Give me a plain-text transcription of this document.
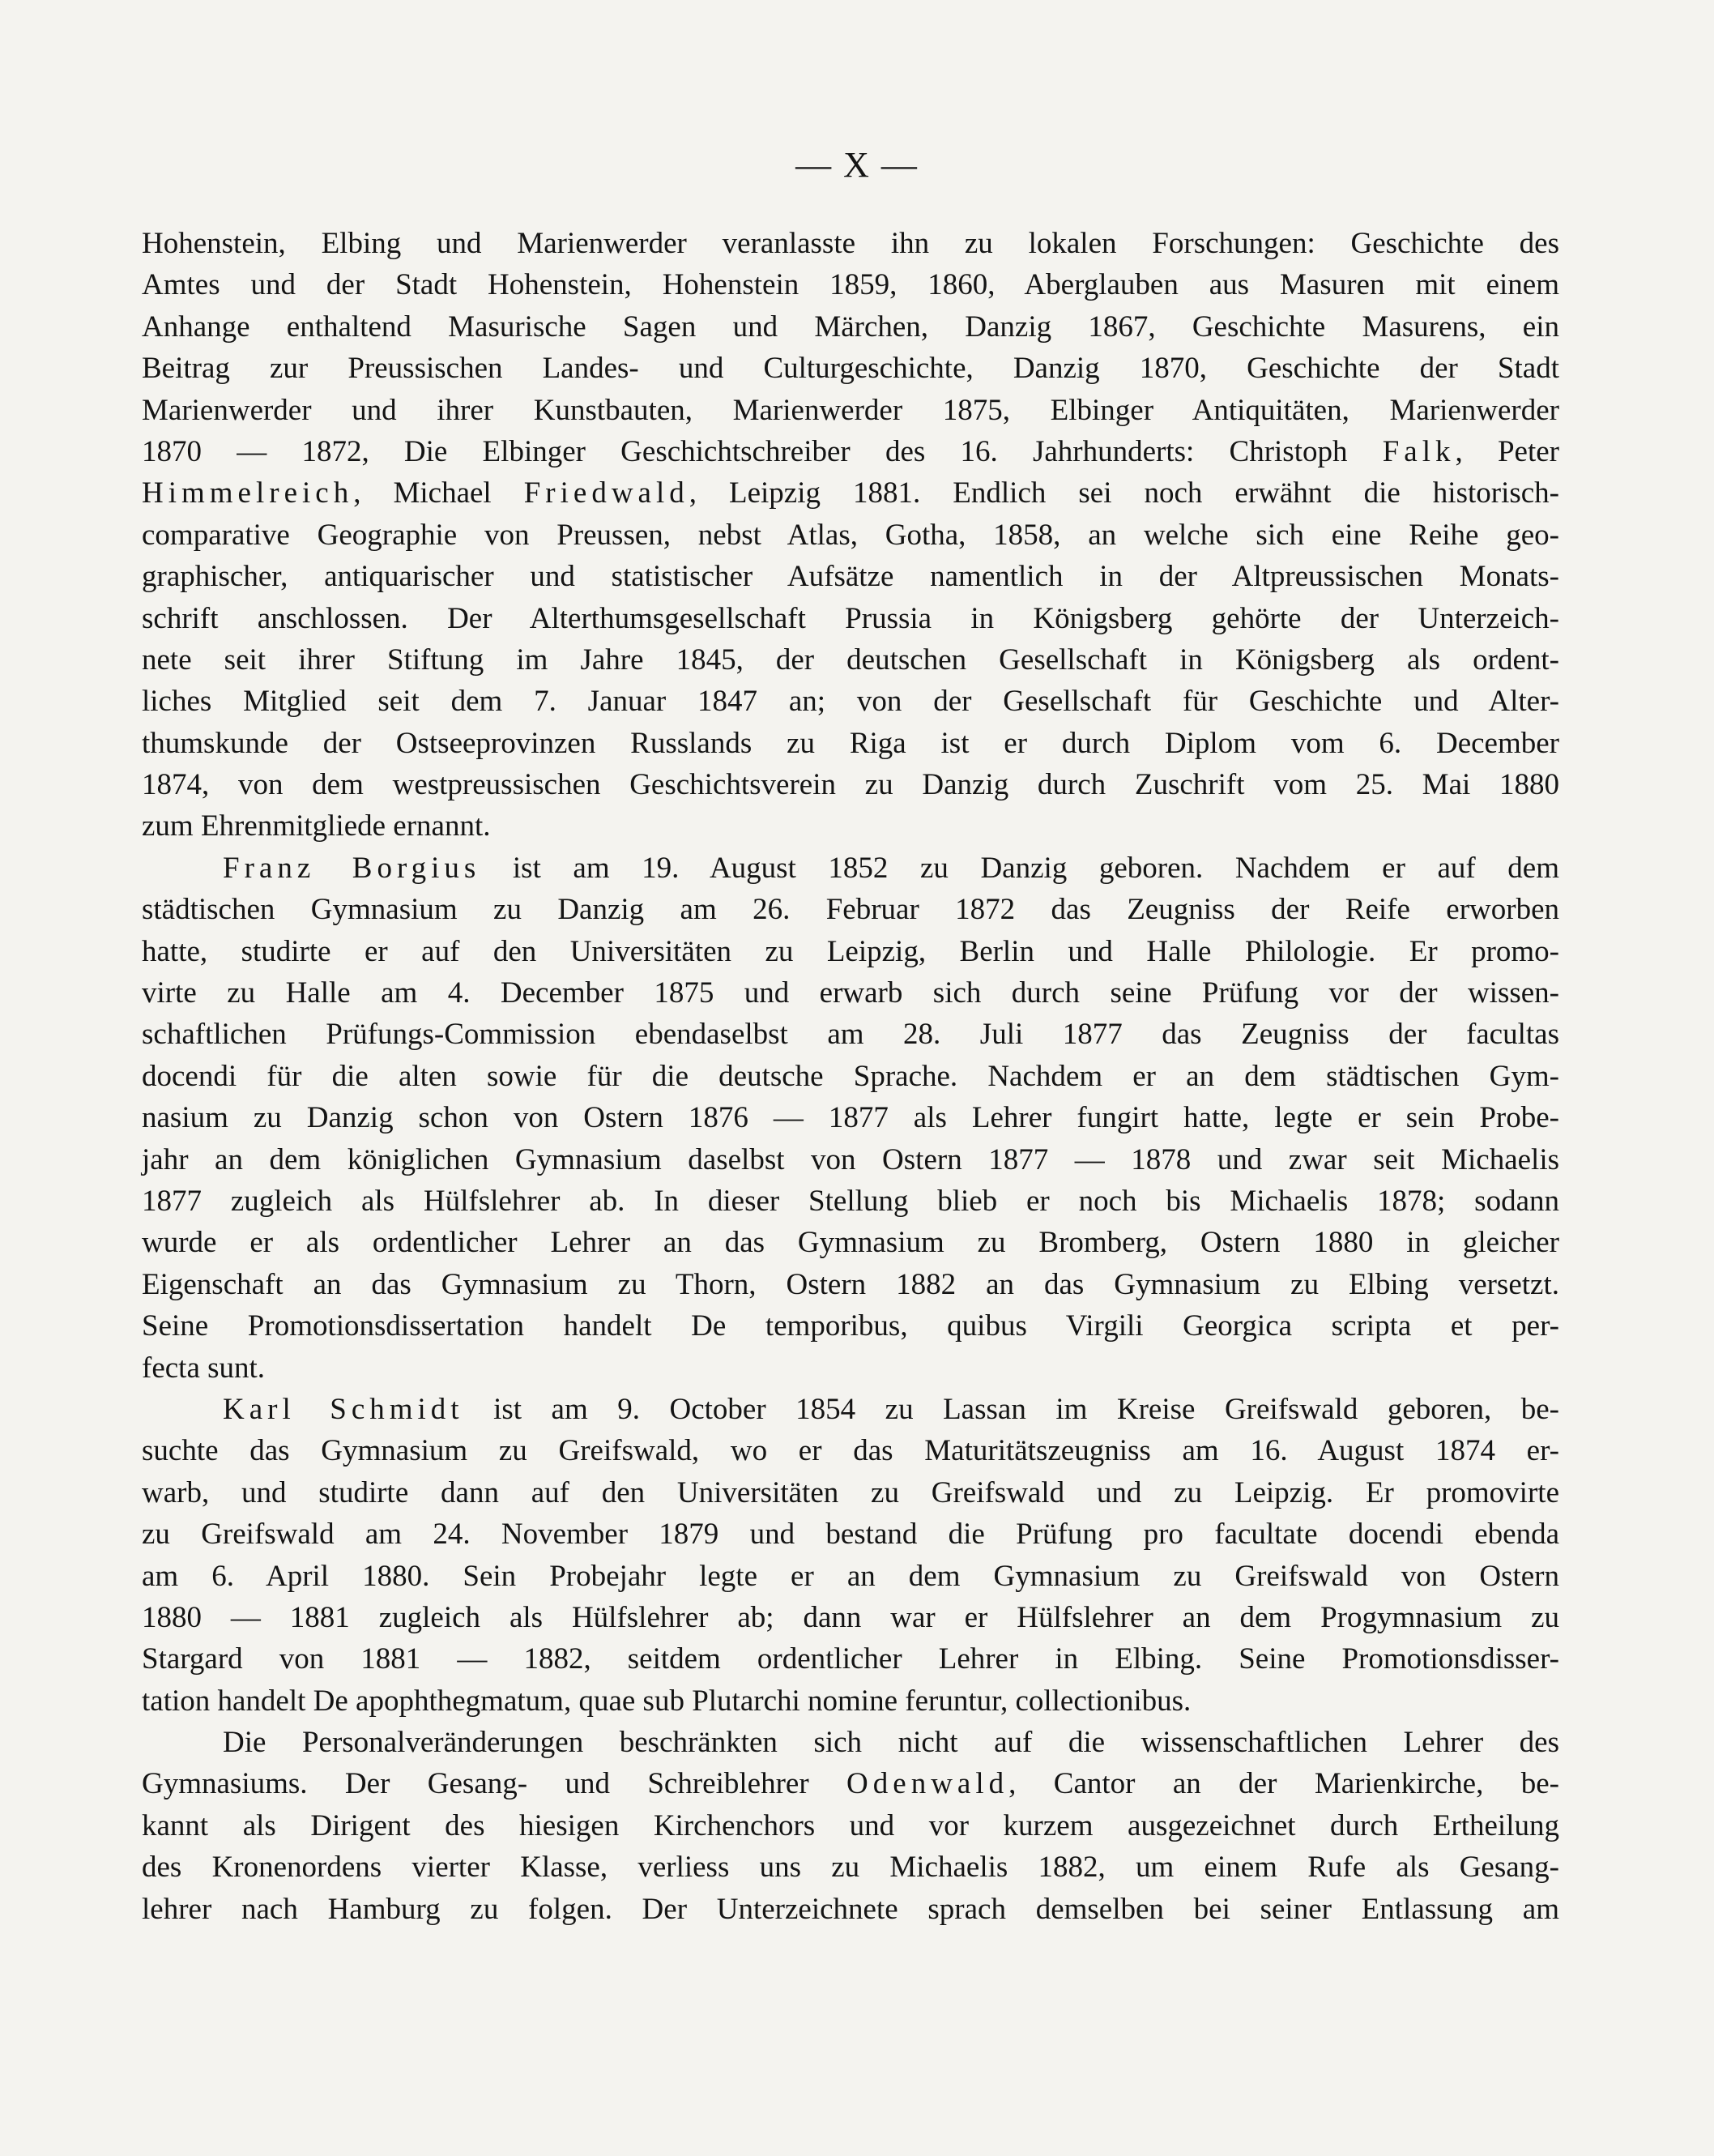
— X —
Hohenstein, Elbing und Marienwerder veranlasste ihn zu lokalen Forschungen: Geschichte des
Amtes und der Stadt Hohenstein, Hohenstein 1859, 1860, Aberglauben aus Masuren mit einem
Anhange enthaltend Masurische Sagen und Märchen, Danzig 1867, Geschichte Masurens, ein
Beitrag zur Preussischen Landes- und Culturgeschichte, Danzig 1870, Geschichte der Stadt
Marienwerder und ihrer Kunstbauten, Marienwerder 1875, Elbinger Antiquitäten, Marienwerder
1870 — 1872, Die Elbinger Geschichtschreiber des 16. Jahrhunderts: Christoph Falk, Peter
Himmelreich, Michael Friedwald, Leipzig 1881. Endlich sei noch erwähnt die historisch-
comparative Geographie von Preussen, nebst Atlas, Gotha, 1858, an welche sich eine Reihe geo-
graphischer, antiquarischer und statistischer Aufsätze namentlich in der Altpreussischen Monats-
schrift anschlossen. Der Alterthumsgesellschaft Prussia in Königsberg gehörte der Unterzeich-
nete seit ihrer Stiftung im Jahre 1845, der deutschen Gesellschaft in Königsberg als ordent-
liches Mitglied seit dem 7. Januar 1847 an; von der Gesellschaft für Geschichte und Alter-
thumskunde der Ostseeprovinzen Russlands zu Riga ist er durch Diplom vom 6. December
1874, von dem westpreussischen Geschichtsverein zu Danzig durch Zuschrift vom 25. Mai 1880
zum Ehrenmitgliede ernannt.
Franz Borgius ist am 19. August 1852 zu Danzig geboren. Nachdem er auf dem
städtischen Gymnasium zu Danzig am 26. Februar 1872 das Zeugniss der Reife erworben
hatte, studirte er auf den Universitäten zu Leipzig, Berlin und Halle Philologie. Er promo-
virte zu Halle am 4. December 1875 und erwarb sich durch seine Prüfung vor der wissen-
schaftlichen Prüfungs-Commission ebendaselbst am 28. Juli 1877 das Zeugniss der facultas
docendi für die alten sowie für die deutsche Sprache. Nachdem er an dem städtischen Gym-
nasium zu Danzig schon von Ostern 1876 — 1877 als Lehrer fungirt hatte, legte er sein Probe-
jahr an dem königlichen Gymnasium daselbst von Ostern 1877 — 1878 und zwar seit Michaelis
1877 zugleich als Hülfslehrer ab. In dieser Stellung blieb er noch bis Michaelis 1878; sodann
wurde er als ordentlicher Lehrer an das Gymnasium zu Bromberg, Ostern 1880 in gleicher
Eigenschaft an das Gymnasium zu Thorn, Ostern 1882 an das Gymnasium zu Elbing versetzt.
Seine Promotionsdissertation handelt De temporibus, quibus Virgili Georgica scripta et per-
fecta sunt.
Karl Schmidt ist am 9. October 1854 zu Lassan im Kreise Greifswald geboren, be-
suchte das Gymnasium zu Greifswald, wo er das Maturitätszeugniss am 16. August 1874 er-
warb, und studirte dann auf den Universitäten zu Greifswald und zu Leipzig. Er promovirte
zu Greifswald am 24. November 1879 und bestand die Prüfung pro facultate docendi ebenda
am 6. April 1880. Sein Probejahr legte er an dem Gymnasium zu Greifswald von Ostern
1880 — 1881 zugleich als Hülfslehrer ab; dann war er Hülfslehrer an dem Progymnasium zu
Stargard von 1881 — 1882, seitdem ordentlicher Lehrer in Elbing. Seine Promotionsdisser-
tation handelt De apophthegmatum, quae sub Plutarchi nomine feruntur, collectionibus.
Die Personalveränderungen beschränkten sich nicht auf die wissenschaftlichen Lehrer des
Gymnasiums. Der Gesang- und Schreiblehrer Odenwald, Cantor an der Marienkirche, be-
kannt als Dirigent des hiesigen Kirchenchors und vor kurzem ausgezeichnet durch Ertheilung
des Kronenordens vierter Klasse, verliess uns zu Michaelis 1882, um einem Rufe als Gesang-
lehrer nach Hamburg zu folgen. Der Unterzeichnete sprach demselben bei seiner Entlassung am
